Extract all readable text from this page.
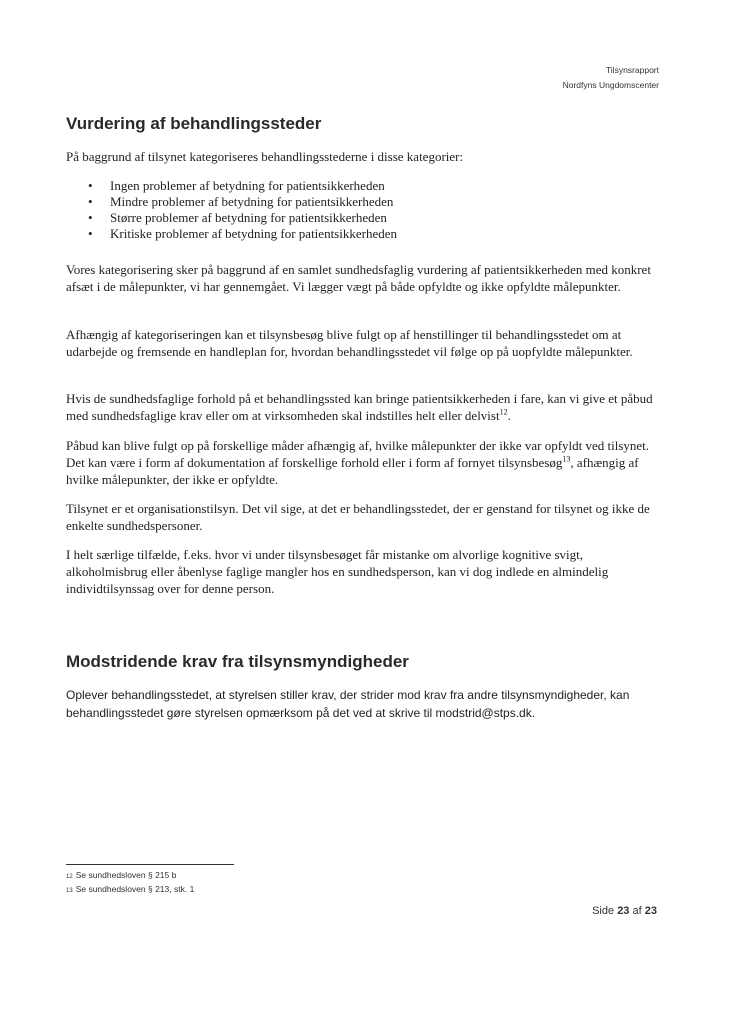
Tilsynsrapport
Nordfyns Ungdomscenter
Vurdering af behandlingssteder

På baggrund af tilsynet kategoriseres behandlingsstederne i disse kategorier:

• Ingen problemer af betydning for patientsikkerheden
• Mindre problemer af betydning for patientsikkerheden
• Større problemer af betydning for patientsikkerheden
• Kritiske problemer af betydning for patientsikkerheden

Vores kategorisering sker på baggrund af en samlet sundhedsfaglig vurdering af patientsikkerheden med konkret afsæt i de målepunkter, vi har gennemgået. Vi lægger vægt på både opfyldte og ikke opfyldte målepunkter.

Afhængig af kategoriseringen kan et tilsynsbesøg blive fulgt op af henstillinger til behandlingsstedet om at udarbejde og fremsende en handleplan for, hvordan behandlingsstedet vil følge op på uopfyldte målepunkter.

Hvis de sundhedsfaglige forhold på et behandlingssted kan bringe patientsikkerheden i fare, kan vi give et påbud med sundhedsfaglige krav eller om at virksomheden skal indstilles helt eller delvist$^{12}$.

Påbud kan blive fulgt op på forskellige måder afhængig af, hvilke målepunkter der ikke var opfyldt ved tilsynet. Det kan være i form af dokumentation af forskellige forhold eller i form af fornyet tilsynsbesøg$^{13}$, afhængig af hvilke målepunkter, der ikke er opfyldte.

Tilsynet er et organisationstilsyn. Det vil sige, at det er behandlingsstedet, der er genstand for tilsynet og ikke de enkelte sundhedspersoner.

I helt særlige tilfælde, f.eks. hvor vi under tilsynsbesøget får mistanke om alvorlige kognitive svigt, alkoholmisbrug eller åbenlyse faglige mangler hos en sundhedsperson, kan vi dog indlede en almindelig individtilsynssag over for denne person.

Modstridende krav fra tilsynsmyndigheder

Oplever behandlingsstedet, at styrelsen stiller krav, der strider mod krav fra andre tilsynsmyndigheder, kan behandlingsstedet gøre styrelsen opmærksom på det ved at skrive til modstrid@stps.dk.

12 Se sundhedsloven § 215 b
13 Se sundhedsloven § 213, stk. 1
Side 23 af 23
